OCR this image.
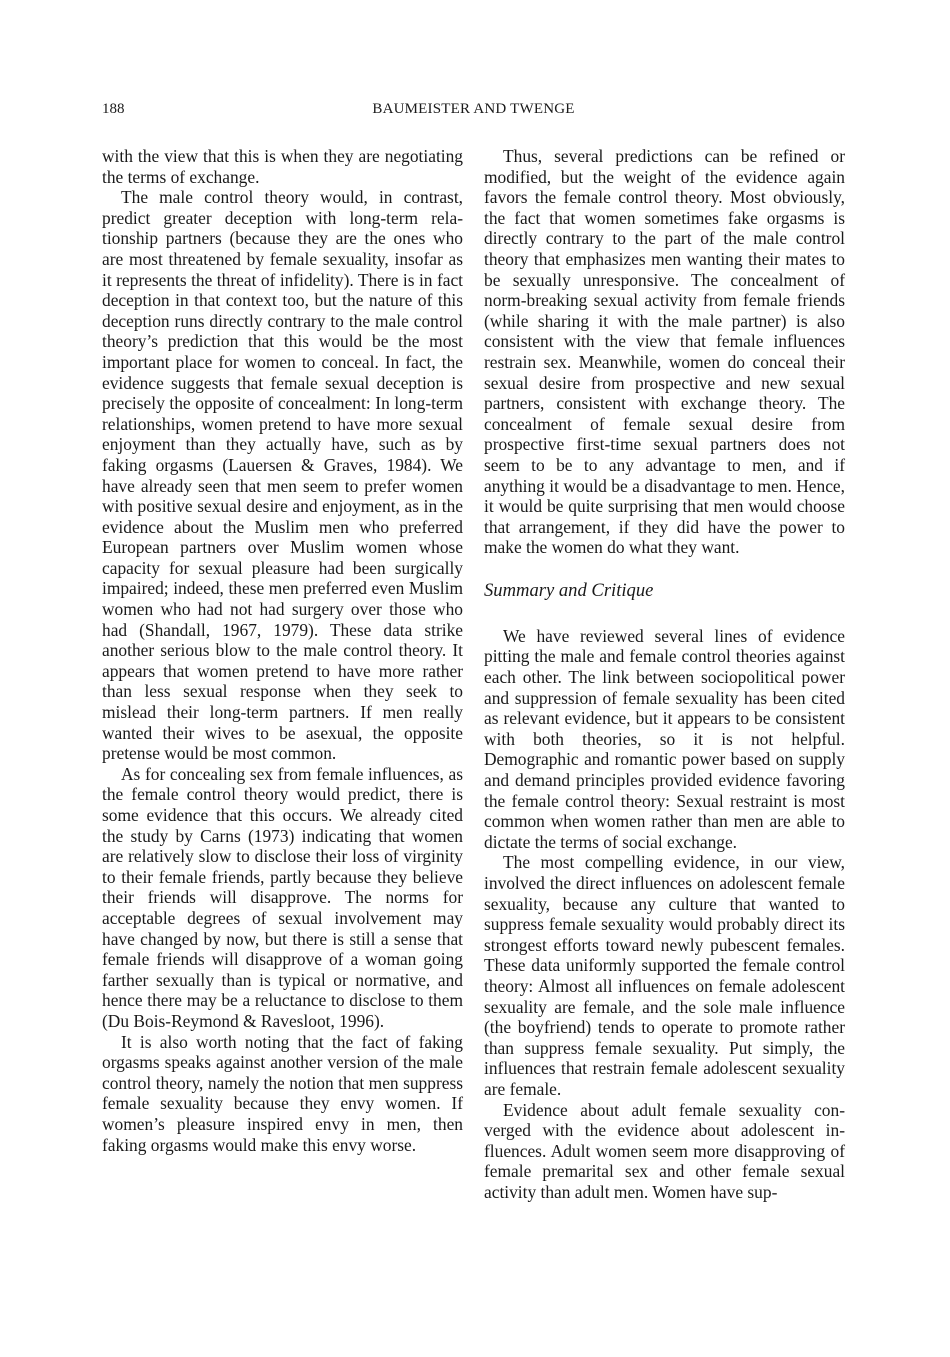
188	BAUMEISTER AND TWENGE

with the view that this is when they are negotiating the terms of exchange.

The male control theory would, in contrast, predict greater deception with long-term relationship partners (because they are the ones who are most threatened by female sexuality, insofar as it represents the threat of infidelity). There is in fact deception in that context too, but the nature of this deception runs directly contrary to the male control theory’s prediction that this would be the most important place for women to conceal. In fact, the evidence suggests that female sexual deception is precisely the opposite of concealment: In long-term relationships, women pretend to have more sexual enjoyment than they actually have, such as by faking orgasms (Lauersen & Graves, 1984). We have already seen that men seem to prefer women with positive sexual desire and enjoyment, as in the evidence about the Muslim men who preferred European partners over Muslim women whose capacity for sexual pleasure had been surgically impaired; indeed, these men preferred even Muslim women who had not had surgery over those who had (Shandall, 1967, 1979). These data strike another serious blow to the male control theory. It appears that women pretend to have more rather than less sexual response when they seek to mislead their long-term partners. If men really wanted their wives to be asexual, the opposite pretense would be most common.

As for concealing sex from female influences, as the female control theory would predict, there is some evidence that this occurs. We already cited the study by Carns (1973) indicating that women are relatively slow to disclose their loss of virginity to their female friends, partly because they believe their friends will disapprove. The norms for acceptable degrees of sexual involvement may have changed by now, but there is still a sense that female friends will disapprove of a woman going farther sexually than is typical or normative, and hence there may be a reluctance to disclose to them (Du Bois-Reymond & Ravesloot, 1996).

It is also worth noting that the fact of faking orgasms speaks against another version of the male control theory, namely the notion that men suppress female sexuality because they envy women. If women’s pleasure inspired envy in men, then faking orgasms would make this envy worse.

Thus, several predictions can be refined or modified, but the weight of the evidence again favors the female control theory. Most obviously, the fact that women sometimes fake orgasms is directly contrary to the part of the male control theory that emphasizes men wanting their mates to be sexually unresponsive. The concealment of norm-breaking sexual activity from female friends (while sharing it with the male partner) is also consistent with the view that female influences restrain sex. Meanwhile, women do conceal their sexual desire from prospective and new sexual partners, consistent with exchange theory. The concealment of female sexual desire from prospective first-time sexual partners does not seem to be to any advantage to men, and if anything it would be a disadvantage to men. Hence, it would be quite surprising that men would choose that arrangement, if they did have the power to make the women do what they want.

Summary and Critique

We have reviewed several lines of evidence pitting the male and female control theories against each other. The link between sociopolitical power and suppression of female sexuality has been cited as relevant evidence, but it appears to be consistent with both theories, so it is not helpful. Demographic and romantic power based on supply and demand principles provided evidence favoring the female control theory: Sexual restraint is most common when women rather than men are able to dictate the terms of social exchange.

The most compelling evidence, in our view, involved the direct influences on adolescent female sexuality, because any culture that wanted to suppress female sexuality would probably direct its strongest efforts toward newly pubescent females. These data uniformly supported the female control theory: Almost all influences on female adolescent sexuality are female, and the sole male influence (the boyfriend) tends to operate to promote rather than suppress female sexuality. Put simply, the influences that restrain female adolescent sexuality are female.

Evidence about adult female sexuality converged with the evidence about adolescent influences. Adult women seem more disapproving of female premarital sex and other female sexual activity than adult men. Women have sup-
